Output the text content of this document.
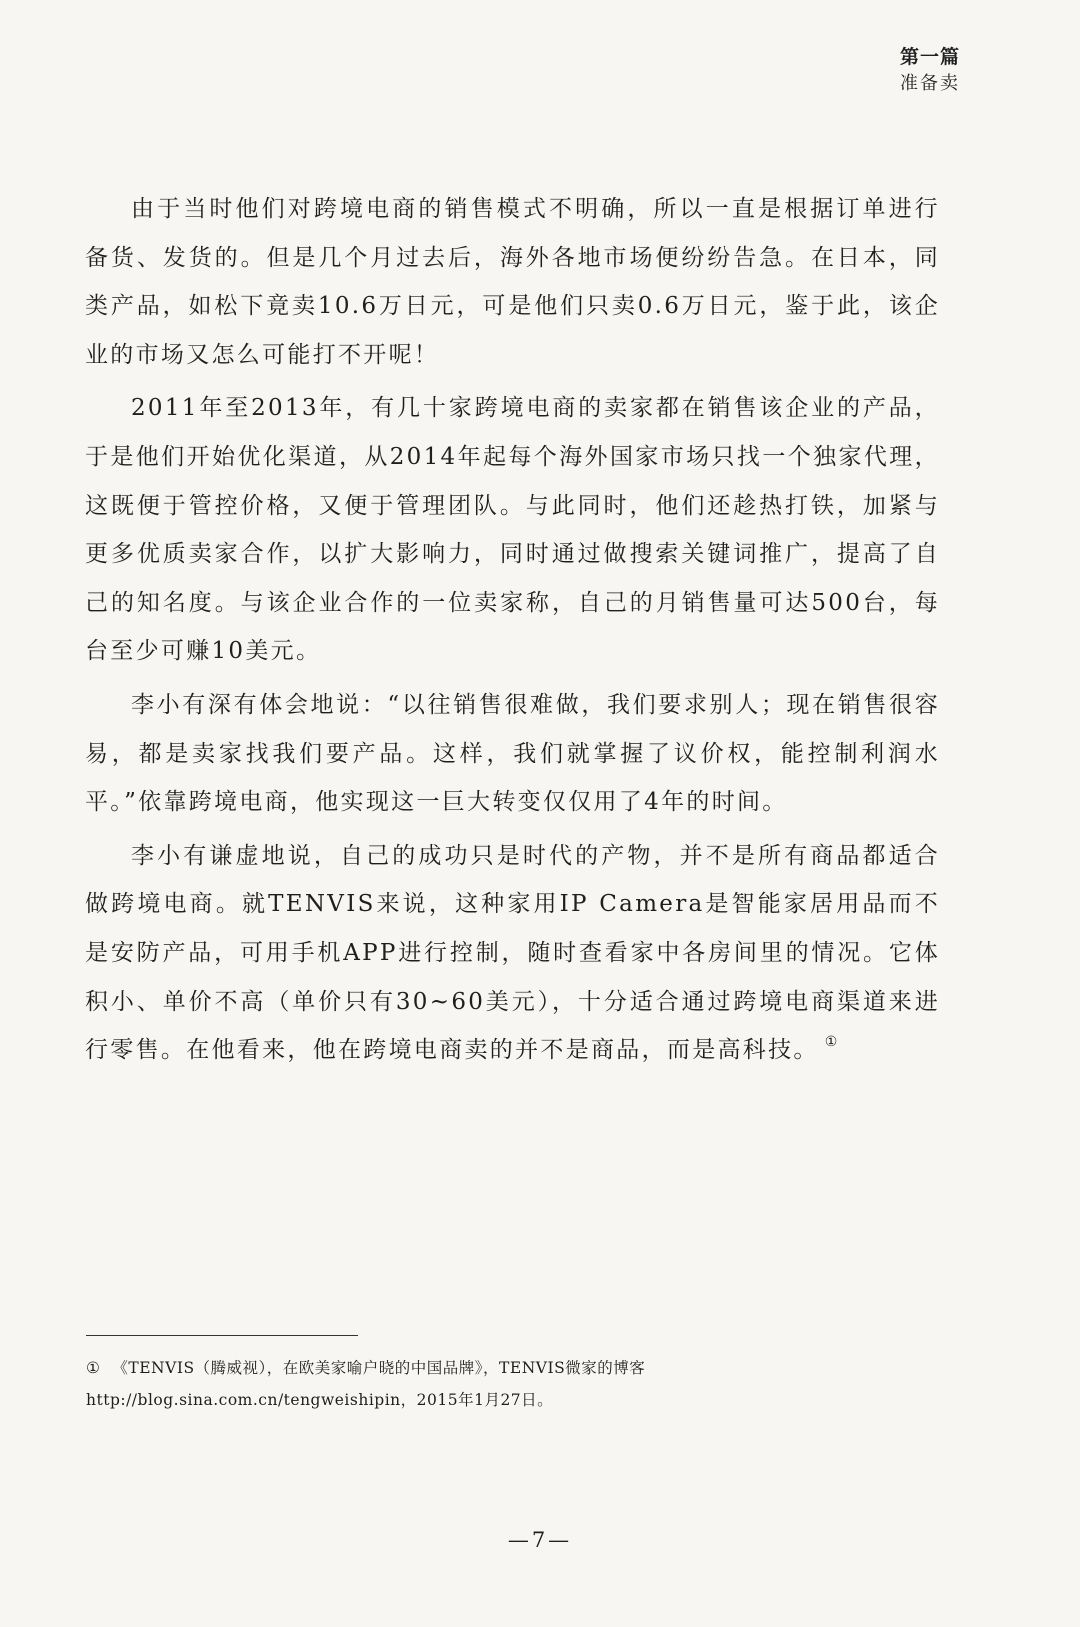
第一篇
准备卖

由于当时他们对跨境电商的销售模式不明确，所以一直是根据订单进行备货、发货的。但是几个月过去后，海外各地市场便纷纷告急。在日本，同类产品，如松下竟卖10.6万日元，可是他们只卖0.6万日元，鉴于此，该企业的市场又怎么可能打不开呢！

2011年至2013年，有几十家跨境电商的卖家都在销售该企业的产品，于是他们开始优化渠道，从2014年起每个海外国家市场只找一个独家代理，这既便于管控价格，又便于管理团队。与此同时，他们还趁热打铁，加紧与更多优质卖家合作，以扩大影响力，同时通过做搜索关键词推广，提高了自己的知名度。与该企业合作的一位卖家称，自己的月销售量可达500台，每台至少可赚10美元。

李小有深有体会地说：“以往销售很难做，我们要求别人；现在销售很容易，都是卖家找我们要产品。这样，我们就掌握了议价权，能控制利润水平。”依靠跨境电商，他实现这一巨大转变仅仅用了4年的时间。

李小有谦虚地说，自己的成功只是时代的产物，并不是所有商品都适合做跨境电商。就TENVIS来说，这种家用IP Camera是智能家居用品而不是安防产品，可用手机APP进行控制，随时查看家中各房间里的情况。它体积小、单价不高（单价只有30~60美元），十分适合通过跨境电商渠道来进行零售。在他看来，他在跨境电商卖的并不是商品，而是高科技。 ①

① 《TENVIS（腾威视），在欧美家喻户晓的中国品牌》，TENVIS微家的博客http://blog.sina.com.cn/tengweishipin，2015年1月27日。
—7—
